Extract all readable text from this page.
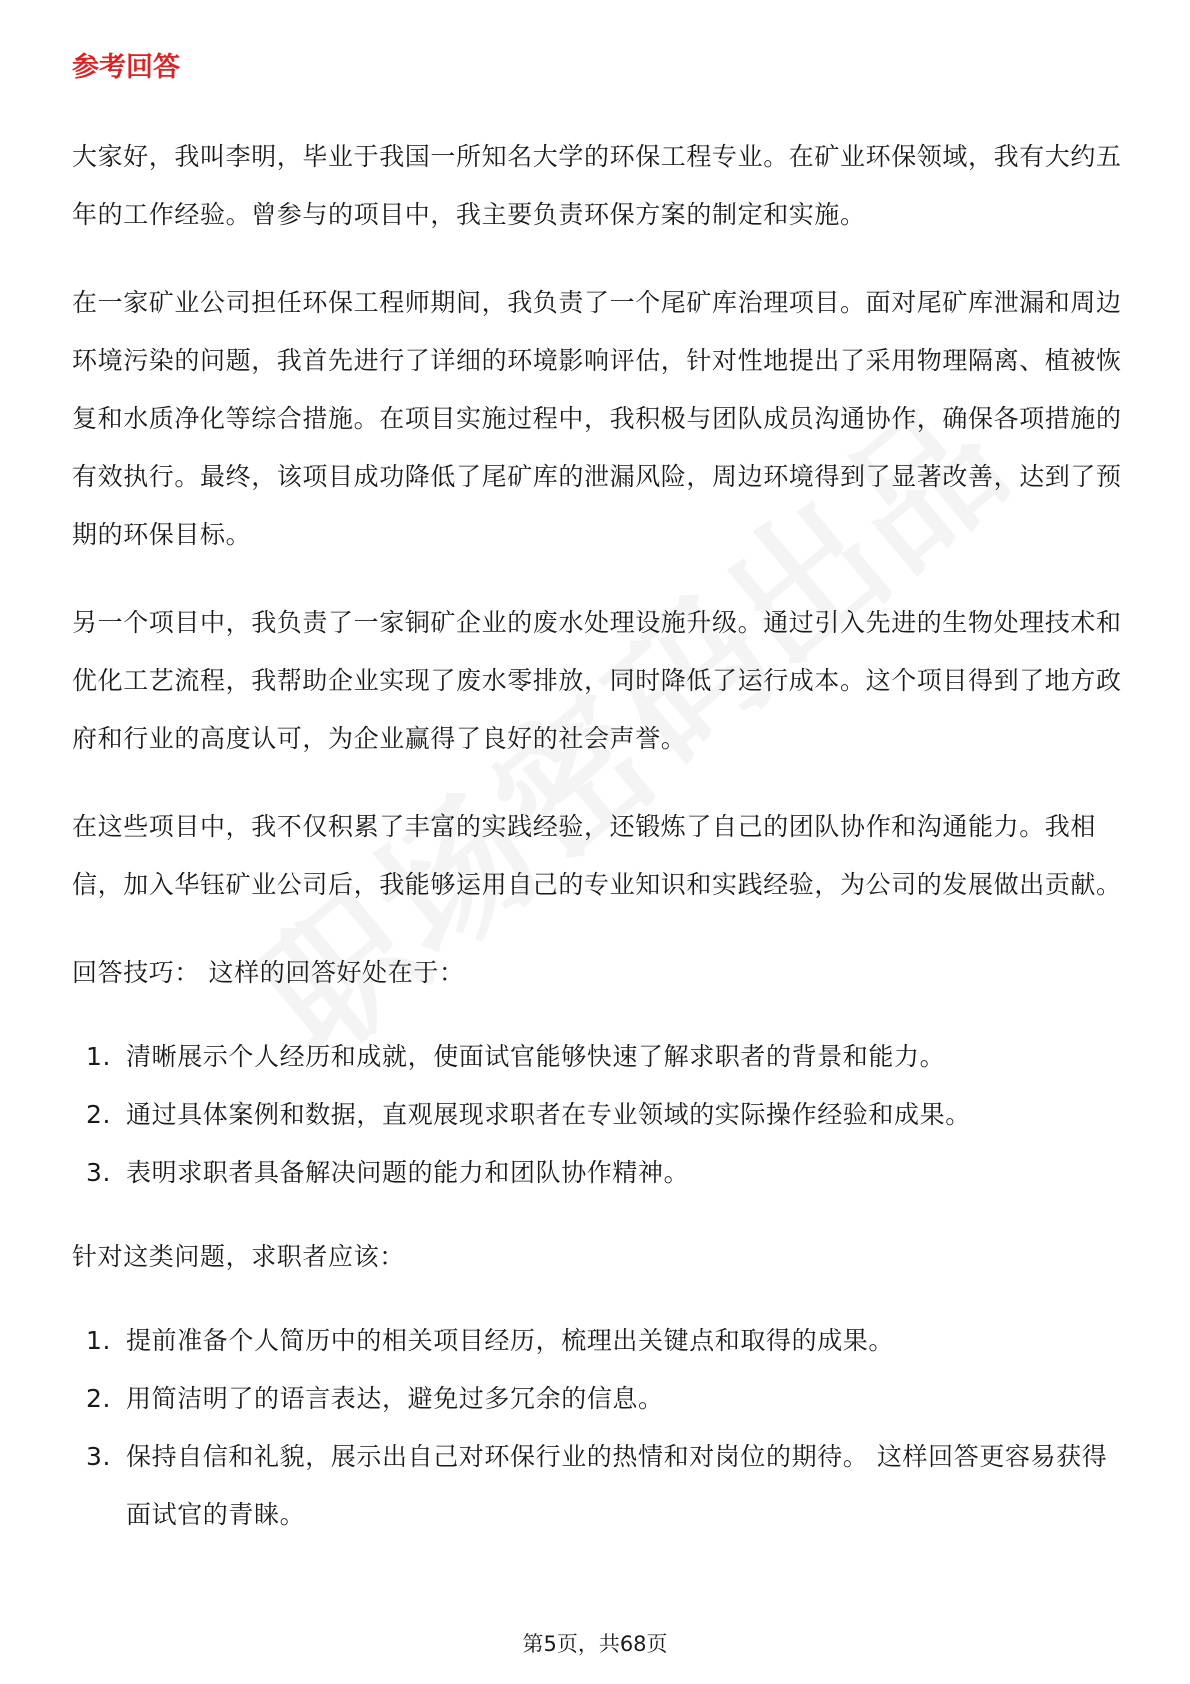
参考回答

大家好，我叫李明，毕业于我国一所知名大学的环保工程专业。在矿业环保领域，我有大约五年的工作经验。曾参与的项目中，我主要负责环保方案的制定和实施。

在一家矿业公司担任环保工程师期间，我负责了一个尾矿库治理项目。面对尾矿库泄漏和周边环境污染的问题，我首先进行了详细的环境影响评估，针对性地提出了采用物理隔离、植被恢复和水质净化等综合措施。在项目实施过程中，我积极与团队成员沟通协作，确保各项措施的有效执行。最终，该项目成功降低了尾矿库的泄漏风险，周边环境得到了显著改善，达到了预期的环保目标。

另一个项目中，我负责了一家铜矿企业的废水处理设施升级。通过引入先进的生物处理技术和优化工艺流程，我帮助企业实现了废水零排放，同时降低了运行成本。这个项目得到了地方政府和行业的高度认可，为企业赢得了良好的社会声誉。

在这些项目中，我不仅积累了丰富的实践经验，还锻炼了自己的团队协作和沟通能力。我相信，加入华钰矿业公司后，我能够运用自己的专业知识和实践经验，为公司的发展做出贡献。

回答技巧： 这样的回答好处在于：

1. 清晰展示个人经历和成就，使面试官能够快速了解求职者的背景和能力。
2. 通过具体案例和数据，直观展现求职者在专业领域的实际操作经验和成果。
3. 表明求职者具备解决问题的能力和团队协作精神。

针对这类问题，求职者应该：

1. 提前准备个人简历中的相关项目经历，梳理出关键点和取得的成果。
2. 用简洁明了的语言表达，避免过多冗余的信息。
3. 保持自信和礼貌，展示出自己对环保行业的热情和对岗位的期待。 这样回答更容易获得面试官的青睐。
第5页，共68页
